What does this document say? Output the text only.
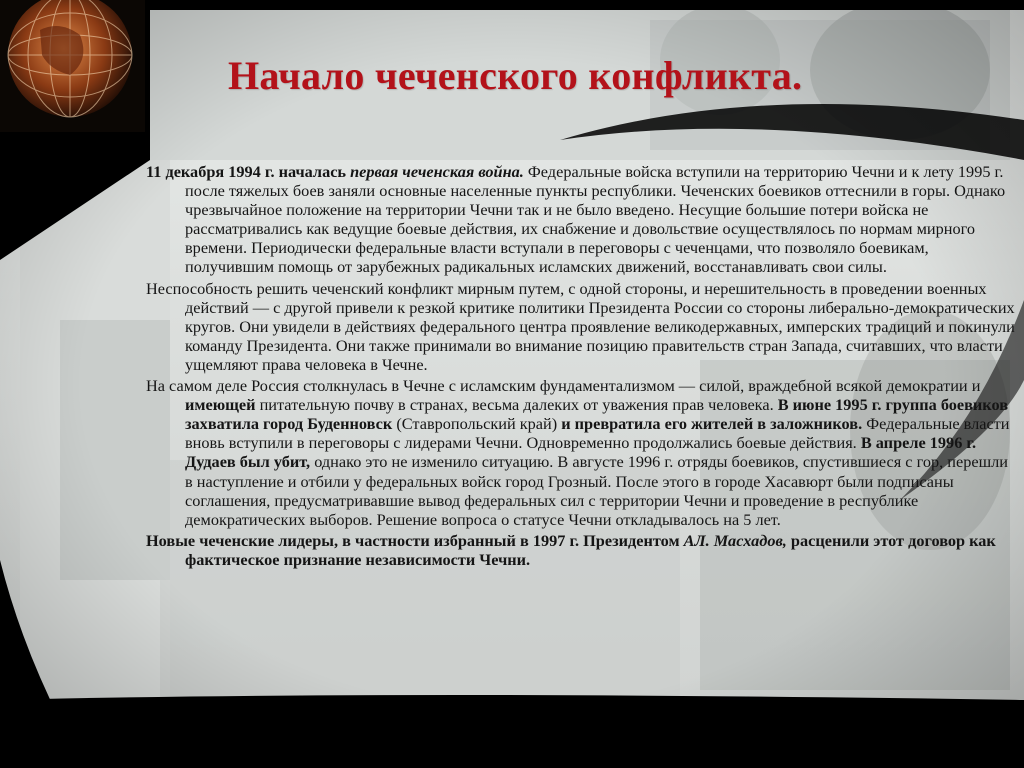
Начало чеченского конфликта.

11 декабря 1994 г. началась первая чеченская война. Федеральные войска вступили на территорию Чечни и к лету 1995 г. после тяжелых боев заняли основные населенные пункты республики. Чеченских боевиков оттеснили в горы. Однако чрезвычайное положение на территории Чечни так и не было введено. Несущие большие потери войска не рассматривались как ведущие боевые действия, их снабжение и довольствие осуществлялось по нормам мирного времени. Периодически федеральные власти вступали в переговоры с чеченцами, что позволяло боевикам, получившим помощь от зарубежных радикальных исламских движений, восстанавливать свои силы.

Неспособность решить чеченский конфликт мирным путем, с одной стороны, и нерешительность в проведении военных действий — с другой привели к резкой критике политики Президента России со стороны либерально-демократических кругов. Они увидели в действиях федерального центра проявление великодержавных, имперских традиций и покинули команду Президента. Они также принимали во внимание позицию правительств стран Запада, считавших, что власти ущемляют права человека в Чечне.

На самом деле Россия столкнулась в Чечне с исламским фундаментализмом — силой, враждебной всякой демократии и имеющей питательную почву в странах, весьма далеких от уважения прав человека. В июне 1995 г. группа боевиков захватила город Буденновск (Ставропольский край) и превратила его жителей в заложников. Федеральные власти вновь вступили в переговоры с лидерами Чечни. Одновременно продолжались боевые действия. В апреле 1996 г. Дудаев был убит, однако это не изменило ситуацию. В августе 1996 г. отряды боевиков, спустившиеся с гор, перешли в наступление и отбили у федеральных войск город Грозный. После этого в городе Хасавюрт были подписаны соглашения, предусматривавшие вывод федеральных сил с территории Чечни и проведение в республике демократических выборов. Решение вопроса о статусе Чечни откладывалось на 5 лет.

Новые чеченские лидеры, в частности избранный в 1997 г. Президентом АЛ. Масхадов, расценили этот договор как фактическое признание независимости Чечни.
